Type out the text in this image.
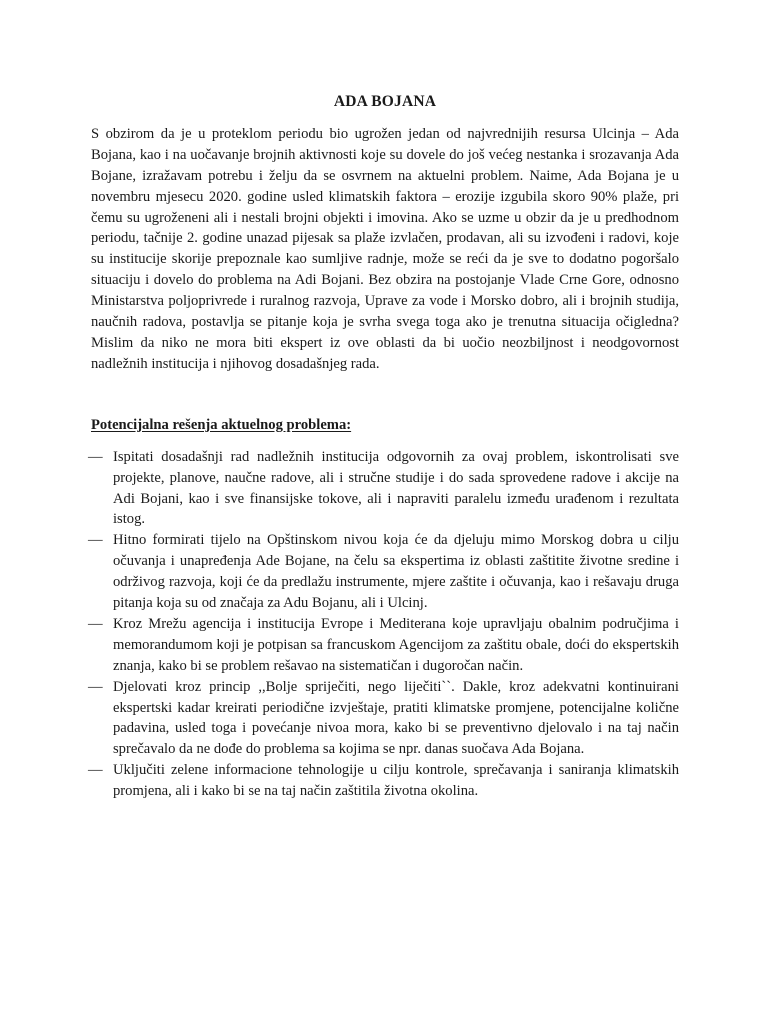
ADA BOJANA

S obzirom da je u proteklom periodu bio ugrožen jedan od najvrednijih resursa Ulcinja – Ada Bojana, kao i na uočavanje brojnih aktivnosti koje su dovele do još većeg nestanka i srozavanja Ada Bojane, izražavam potrebu i želju da se osvrnem na aktuelni problem. Naime, Ada Bojana je u novembru mjesecu 2020. godine usled klimatskih faktora – erozije izgubila skoro 90% plaže, pri čemu su ugroženeni ali i nestali brojni objekti i imovina. Ako se uzme u obzir da je u predhodnom periodu, tačnije 2. godine unazad pijesak sa plaže izvlačen, prodavan, ali su izvođeni i radovi, koje su institucije skorije prepoznale kao sumljive radnje, može se reći da je sve to dodatno pogoršalo situaciju i dovelo do problema na Adi Bojani. Bez obzira na postojanje Vlade Crne Gore, odnosno Ministarstva poljoprivrede i ruralnog razvoja, Uprave za vode i Morsko dobro, ali i brojnih studija, naučnih radova, postavlja se pitanje koja je svrha svega toga ako je trenutna situacija očigledna? Mislim da niko ne mora biti ekspert iz ove oblasti da bi uočio neozbiljnost i neodgovornost nadležnih institucija i njihovog dosadašnjeg rada.

Potencijalna rešenja aktuelnog problema:
— Ispitati dosadašnji rad nadležnih institucija odgovornih za ovaj problem, iskontrolisati sve projekte, planove, naučne radove, ali i stručne studije i do sada sprovedene radove i akcije na Adi Bojani, kao i sve finansijske tokove, ali i napraviti paralelu između urađenom i rezultata istog.
— Hitno formirati tijelo na Opštinskom nivou koja će da djeluju mimo Morskog dobra u cilju očuvanja i unapređenja Ade Bojane, na čelu sa ekspertima iz oblasti zaštitite životne sredine i održivog razvoja, koji će da predlažu instrumente, mjere zaštite i očuvanja, kao i rešavaju druga pitanja koja su od značaja za Adu Bojanu, ali i Ulcinj.
— Kroz Mrežu agencija i institucija Evrope i Mediterana koje upravljaju obalnim područjima i memorandumom koji je potpisan sa francuskom Agencijom za zaštitu obale, doći do ekspertskih znanja, kako bi se problem rešavao na sistematičan i dugoročan način.
— Djelovati kroz princip ,,Bolje spriječiti, nego liječiti``. Dakle, kroz adekvatni kontinuirani ekspertski kadar kreirati periodične izvještaje, pratiti klimatske promjene, potencijalne količne padavina, usled toga i povećanje nivoa mora, kako bi se preventivno djelovalo i na taj način sprečavalo da ne dođe do problema sa kojima se npr. danas suočava Ada Bojana.
— Uključiti zelene informacione tehnologije u cilju kontrole, sprečavanja i saniranja klimatskih promjena, ali i kako bi se na taj način zaštitila životna okolina.
